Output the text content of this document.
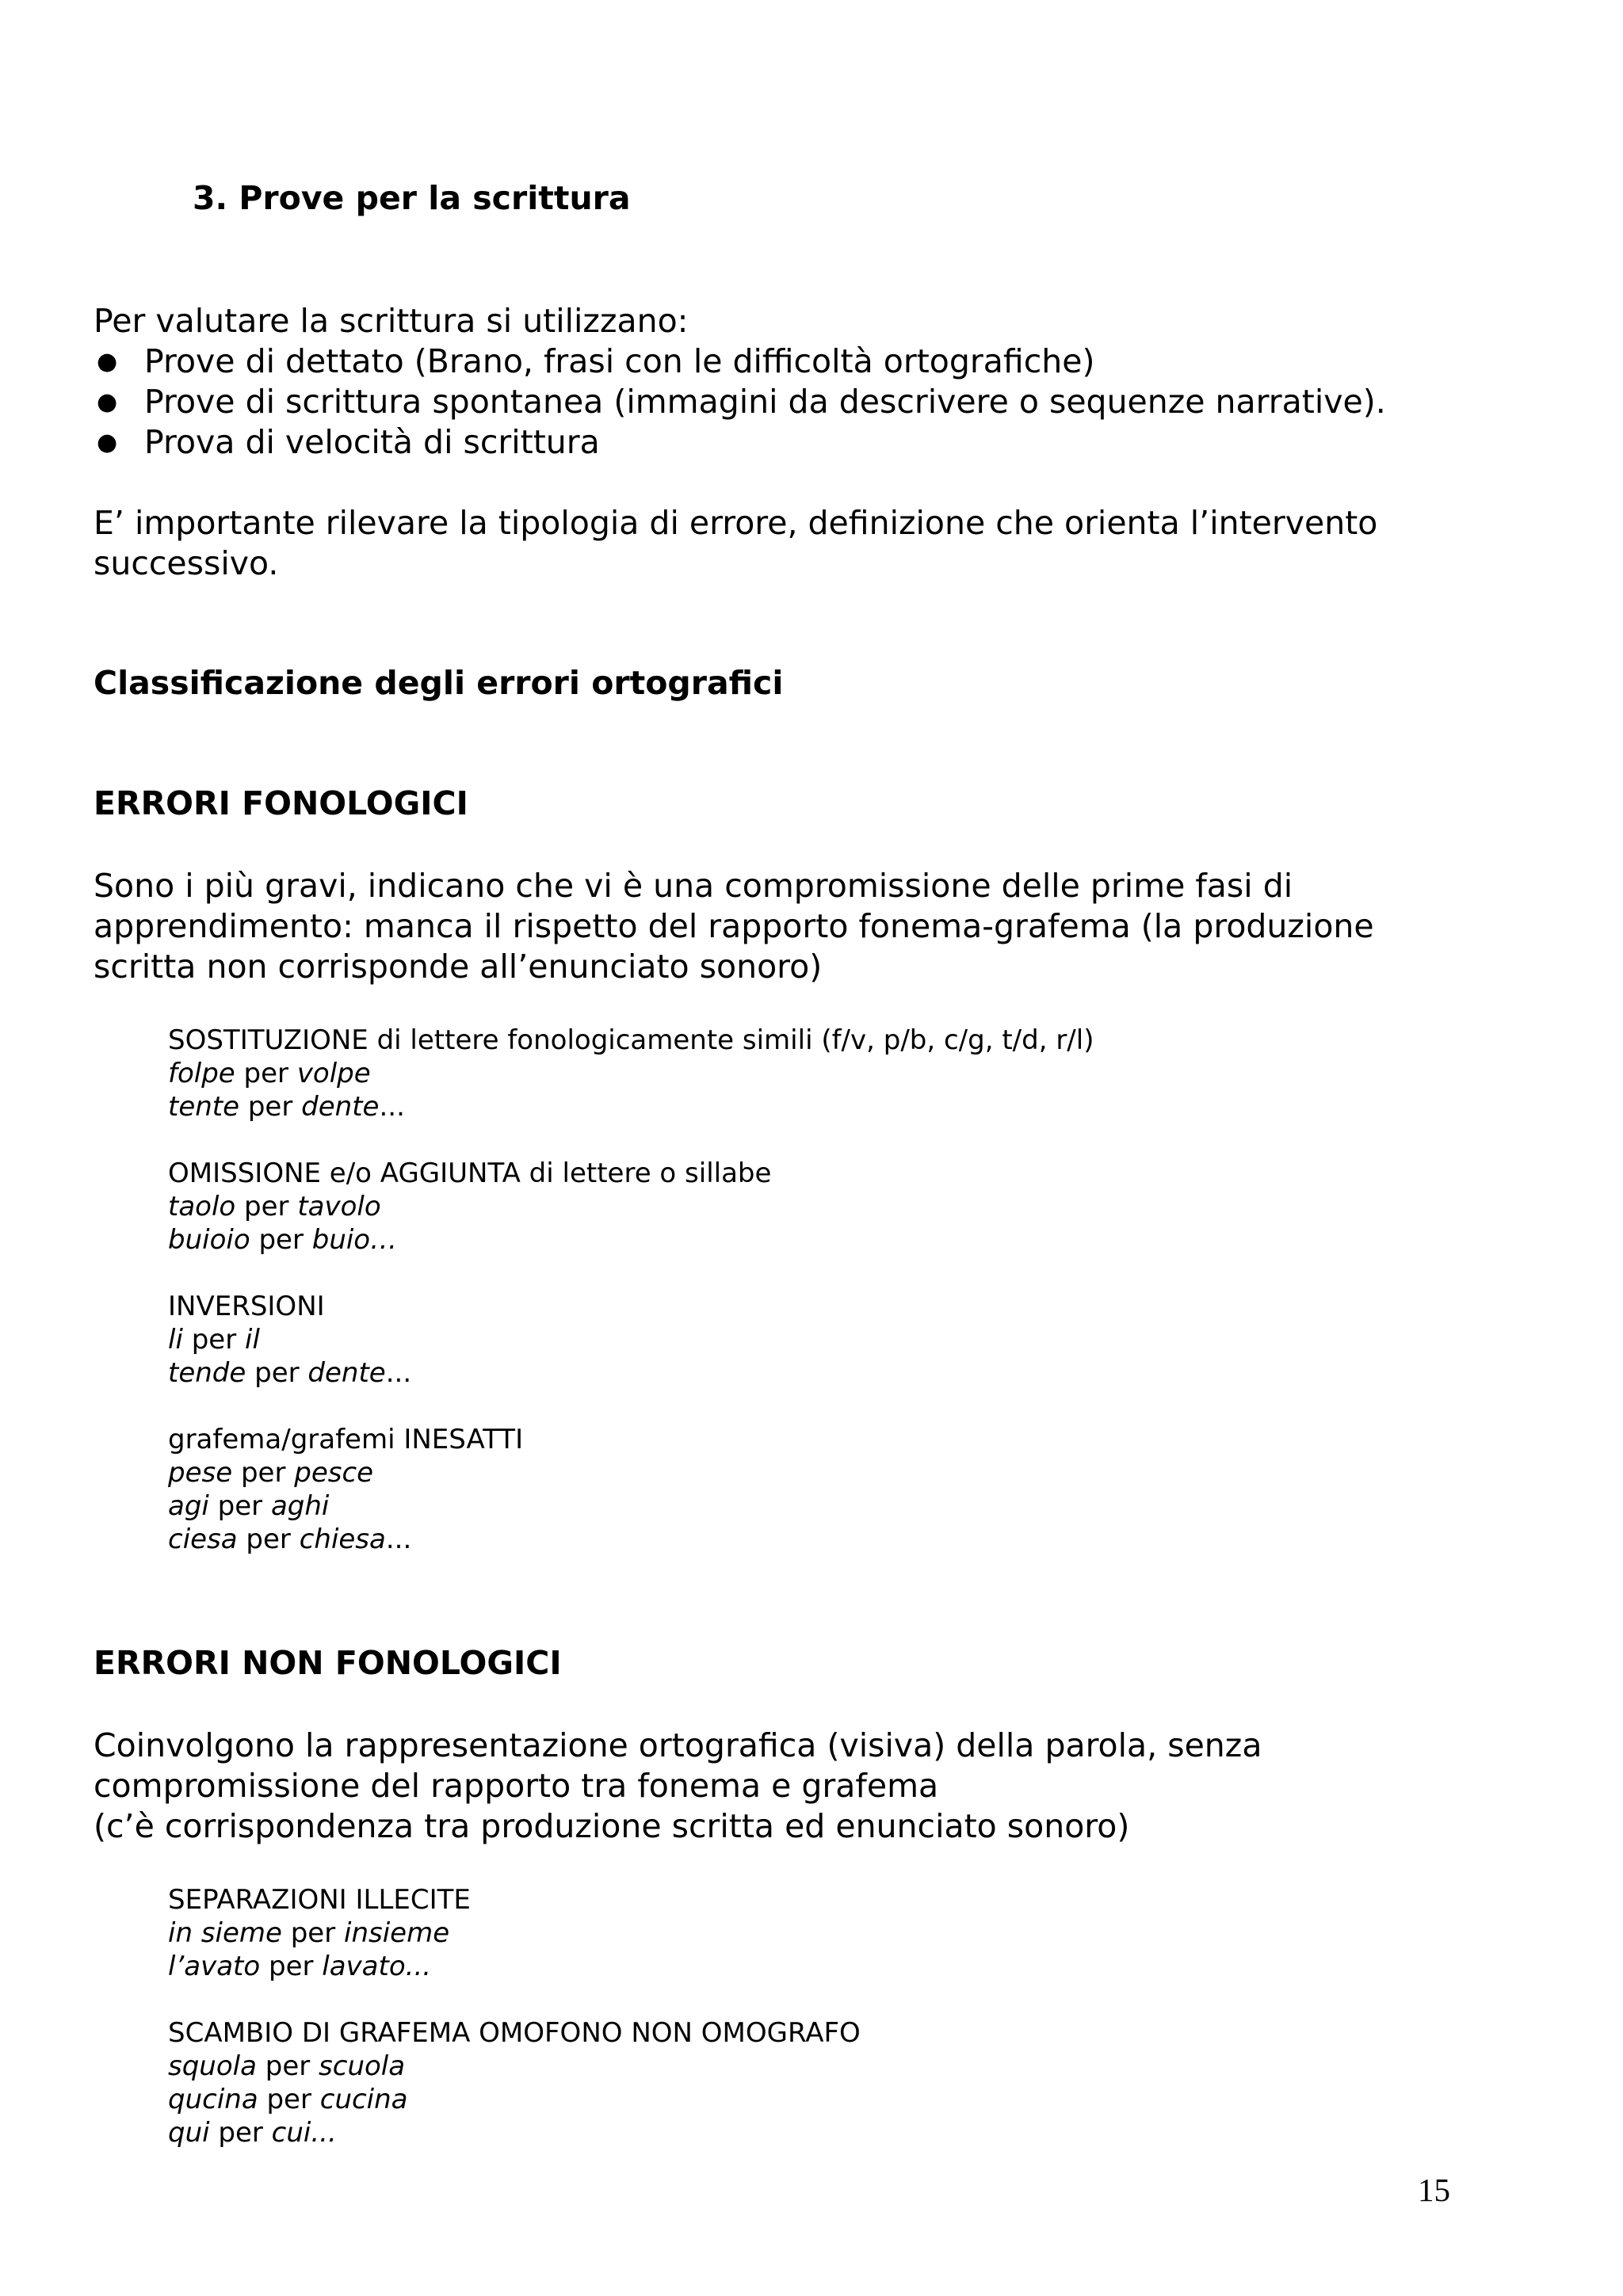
3. Prove per la scrittura
Per valutare la scrittura si utilizzano:
● Prove di dettato (Brano, frasi con le difficoltà ortografiche)
● Prove di scrittura spontanea (immagini da descrivere o sequenze narrative).
● Prova di velocità di scrittura
E’ importante rilevare la tipologia di errore, definizione che orienta l’intervento
successivo.
Classificazione degli errori ortografici
ERRORI FONOLOGICI
Sono i più gravi, indicano che vi è una compromissione delle prime fasi di
apprendimento: manca il rispetto del rapporto fonema-grafema (la produzione
scritta non corrisponde all’enunciato sonoro)
SOSTITUZIONE di lettere fonologicamente simili (f/v, p/b, c/g, t/d, r/l)
folpe per volpe
tente per dente...
OMISSIONE e/o AGGIUNTA di lettere o sillabe
taolo per tavolo
buioio per buio…
INVERSIONI
li per il
tende per dente...
grafema/grafemi INESATTI
pese per pesce
agi per aghi
ciesa per chiesa...
ERRORI NON FONOLOGICI
Coinvolgono la rappresentazione ortografica (visiva) della parola, senza
compromissione del rapporto tra fonema e grafema
(c’è corrispondenza tra produzione scritta ed enunciato sonoro)
SEPARAZIONI ILLECITE
in sieme per insieme
l’avato per lavato...
SCAMBIO DI GRAFEMA OMOFONO NON OMOGRAFO
squola per scuola
qucina per cucina
qui per cui...
15
